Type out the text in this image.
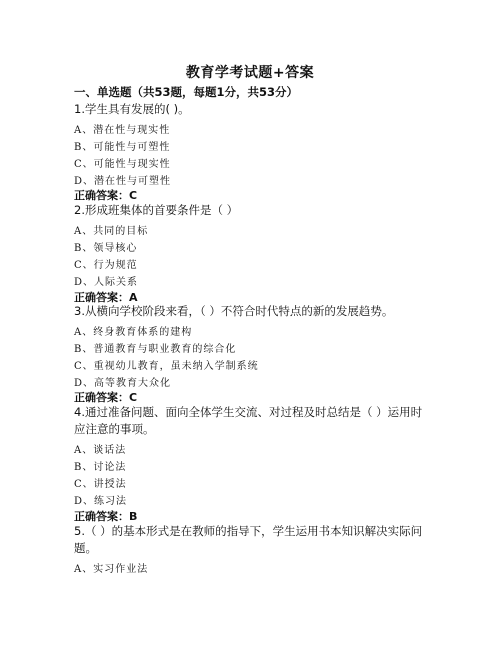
教育学考试题+答案
一、单选题（共53题，每题1分，共53分）
1.学生具有发展的( )。
A、潜在性与现实性
B、可能性与可塑性
C、可能性与现实性
D、潜在性与可塑性
正确答案：C
2.形成班集体的首要条件是（ ）
A、共同的目标
B、领导核心
C、行为规范
D、人际关系
正确答案：A
3.从横向学校阶段来看，（ ）不符合时代特点的新的发展趋势。
A、终身教育体系的建构
B、普通教育与职业教育的综合化
C、重视幼儿教育，虽未纳入学制系统
D、高等教育大众化
正确答案：C
4.通过准备问题、面向全体学生交流、对过程及时总结是（ ）运用时
应注意的事项。
A、谈话法
B、讨论法
C、讲授法
D、练习法
正确答案：B
5.（ ）的基本形式是在教师的指导下，学生运用书本知识解决实际问
题。
A、实习作业法
